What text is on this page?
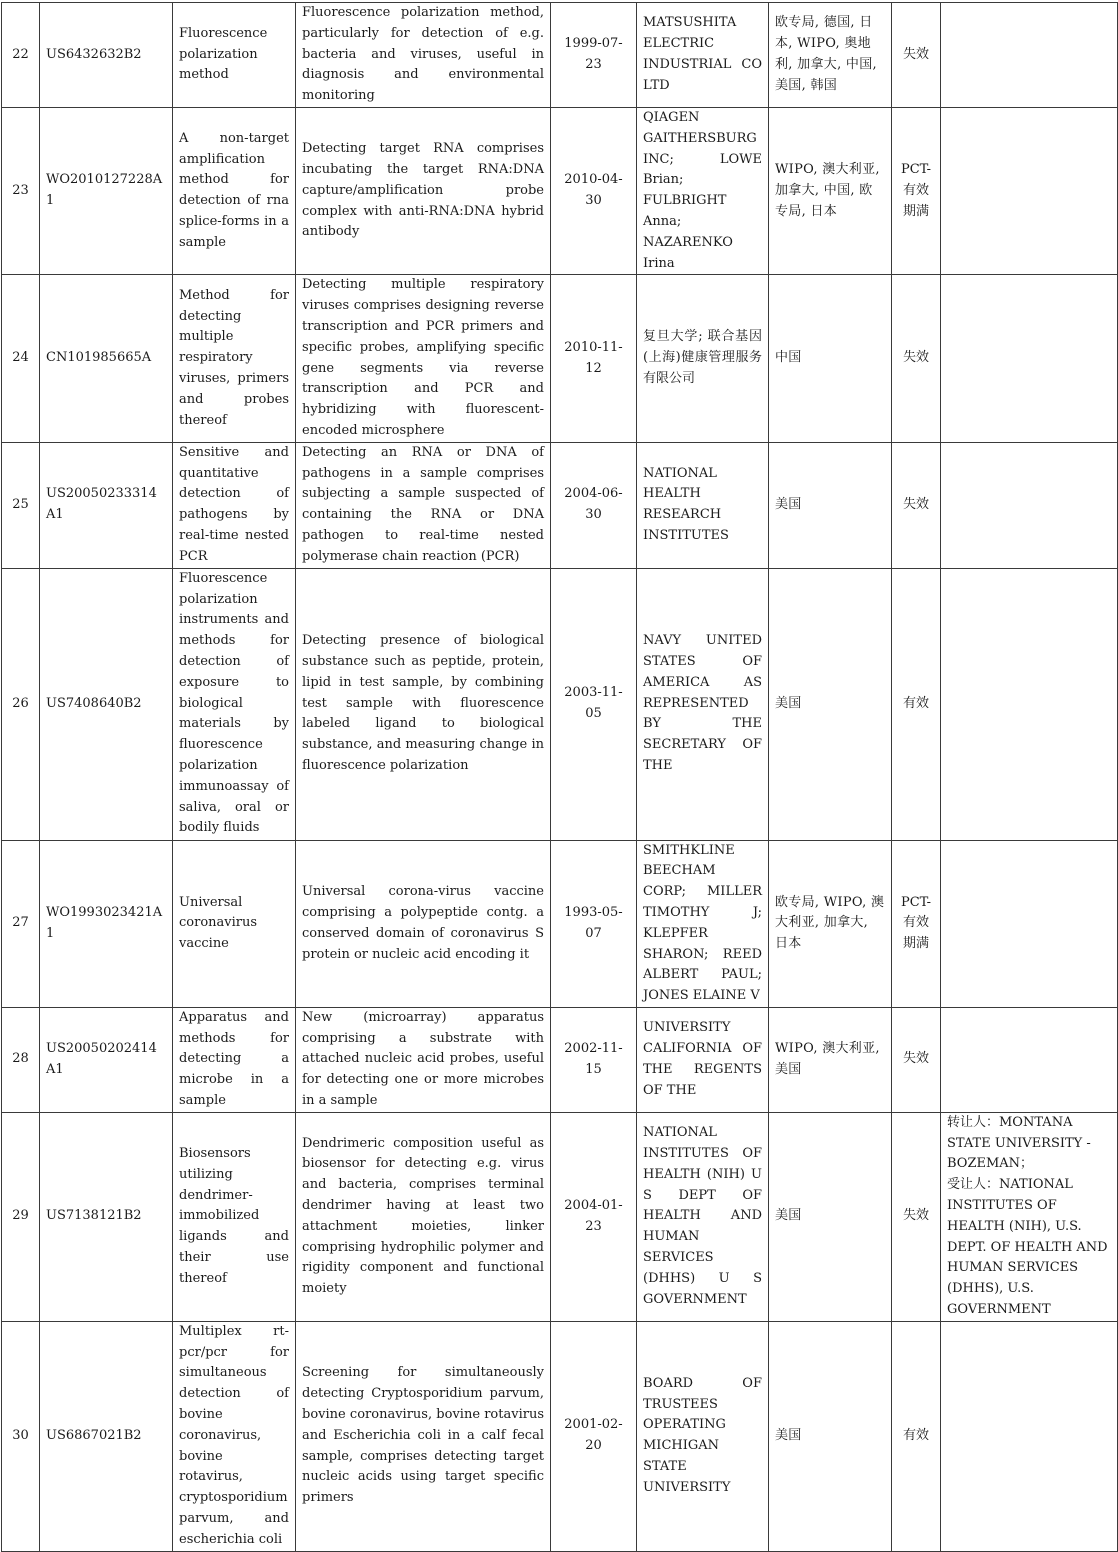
22	US6432632B2	Fluorescence polarization method	Fluorescence polarization method, particularly for detection of e.g. bacteria and viruses, useful in diagnosis and environmental monitoring	1999-07-23	MATSUSHITA ELECTRIC INDUSTRIAL CO LTD	欧专局, 德国, 日本, WIPO, 奥地利, 加拿大, 中国, 美国, 韩国	失效	

23	WO2010127228A1	A non-target amplification method for detection of rna splice-forms in a sample	Detecting target RNA comprises incubating the target RNA:DNA capture/amplification probe complex with anti-RNA:DNA hybrid antibody	2010-04-30	QIAGEN GAITHERSBURG INC; LOWE Brian; FULBRIGHT Anna; NAZARENKO Irina	WIPO, 澳大利亚, 加拿大, 中国, 欧专局, 日本	PCT-有效期满	

24	CN101985665A	Method for detecting multiple respiratory viruses, primers and probes thereof	Detecting multiple respiratory viruses comprises designing reverse transcription and PCR primers and specific probes, amplifying specific gene segments via reverse transcription and PCR and hybridizing with fluorescent-encoded microsphere	2010-11-12	复旦大学; 联合基因(上海)健康管理服务有限公司	中国	失效	

25	US20050233314A1	Sensitive and quantitative detection of pathogens by real-time nested PCR	Detecting an RNA or DNA of pathogens in a sample comprises subjecting a sample suspected of containing the RNA or DNA pathogen to real-time nested polymerase chain reaction (PCR)	2004-06-30	NATIONAL HEALTH RESEARCH INSTITUTES	美国	失效	

26	US7408640B2	Fluorescence polarization instruments and methods for detection of exposure to biological materials by fluorescence polarization immunoassay of saliva, oral or bodily fluids	Detecting presence of biological substance such as peptide, protein, lipid in test sample, by combining test sample with fluorescence labeled ligand to biological substance, and measuring change in fluorescence polarization	2003-11-05	NAVY UNITED STATES OF AMERICA AS REPRESENTED BY THE SECRETARY OF THE	美国	有效	

27	WO1993023421A1	Universal coronavirus vaccine	Universal corona-virus vaccine comprising a polypeptide contg. a conserved domain of coronavirus S protein or nucleic acid encoding it	1993-05-07	SMITHKLINE BEECHAM CORP; MILLER TIMOTHY J; KLEPFER SHARON; REED ALBERT PAUL; JONES ELAINE V	欧专局, WIPO, 澳大利亚, 加拿大, 日本	PCT-有效期满	

28	US20050202414A1	Apparatus and methods for detecting a microbe in a sample	New (microarray) apparatus comprising a substrate with attached nucleic acid probes, useful for detecting one or more microbes in a sample	2002-11-15	UNIVERSITY CALIFORNIA OF THE REGENTS OF THE	WIPO, 澳大利亚, 美国	失效	

29	US7138121B2	Biosensors utilizing dendrimer-immobilized ligands and their use thereof	Dendrimeric composition useful as biosensor for detecting e.g. virus and bacteria, comprises terminal dendrimer having at least two attachment moieties, linker comprising hydrophilic polymer and rigidity component and functional moiety	2004-01-23	NATIONAL INSTITUTES OF HEALTH (NIH) U S DEPT OF HEALTH AND HUMAN SERVICES (DHHS) U S GOVERNMENT	美国	失效	转让人：MONTANA STATE UNIVERSITY - BOZEMAN；
受让人：NATIONAL INSTITUTES OF HEALTH (NIH), U.S. DEPT. OF HEALTH AND HUMAN SERVICES (DHHS), U.S. GOVERNMENT

30	US6867021B2	Multiplex rt-pcr/pcr for simultaneous detection of bovine coronavirus, bovine rotavirus, cryptosporidium parvum, and escherichia coli	Screening for simultaneously detecting Cryptosporidium parvum, bovine coronavirus, bovine rotavirus and Escherichia coli in a calf fecal sample, comprises detecting target nucleic acids using target specific primers	2001-02-20	BOARD OF TRUSTEES OPERATING MICHIGAN STATE UNIVERSITY	美国	有效	
